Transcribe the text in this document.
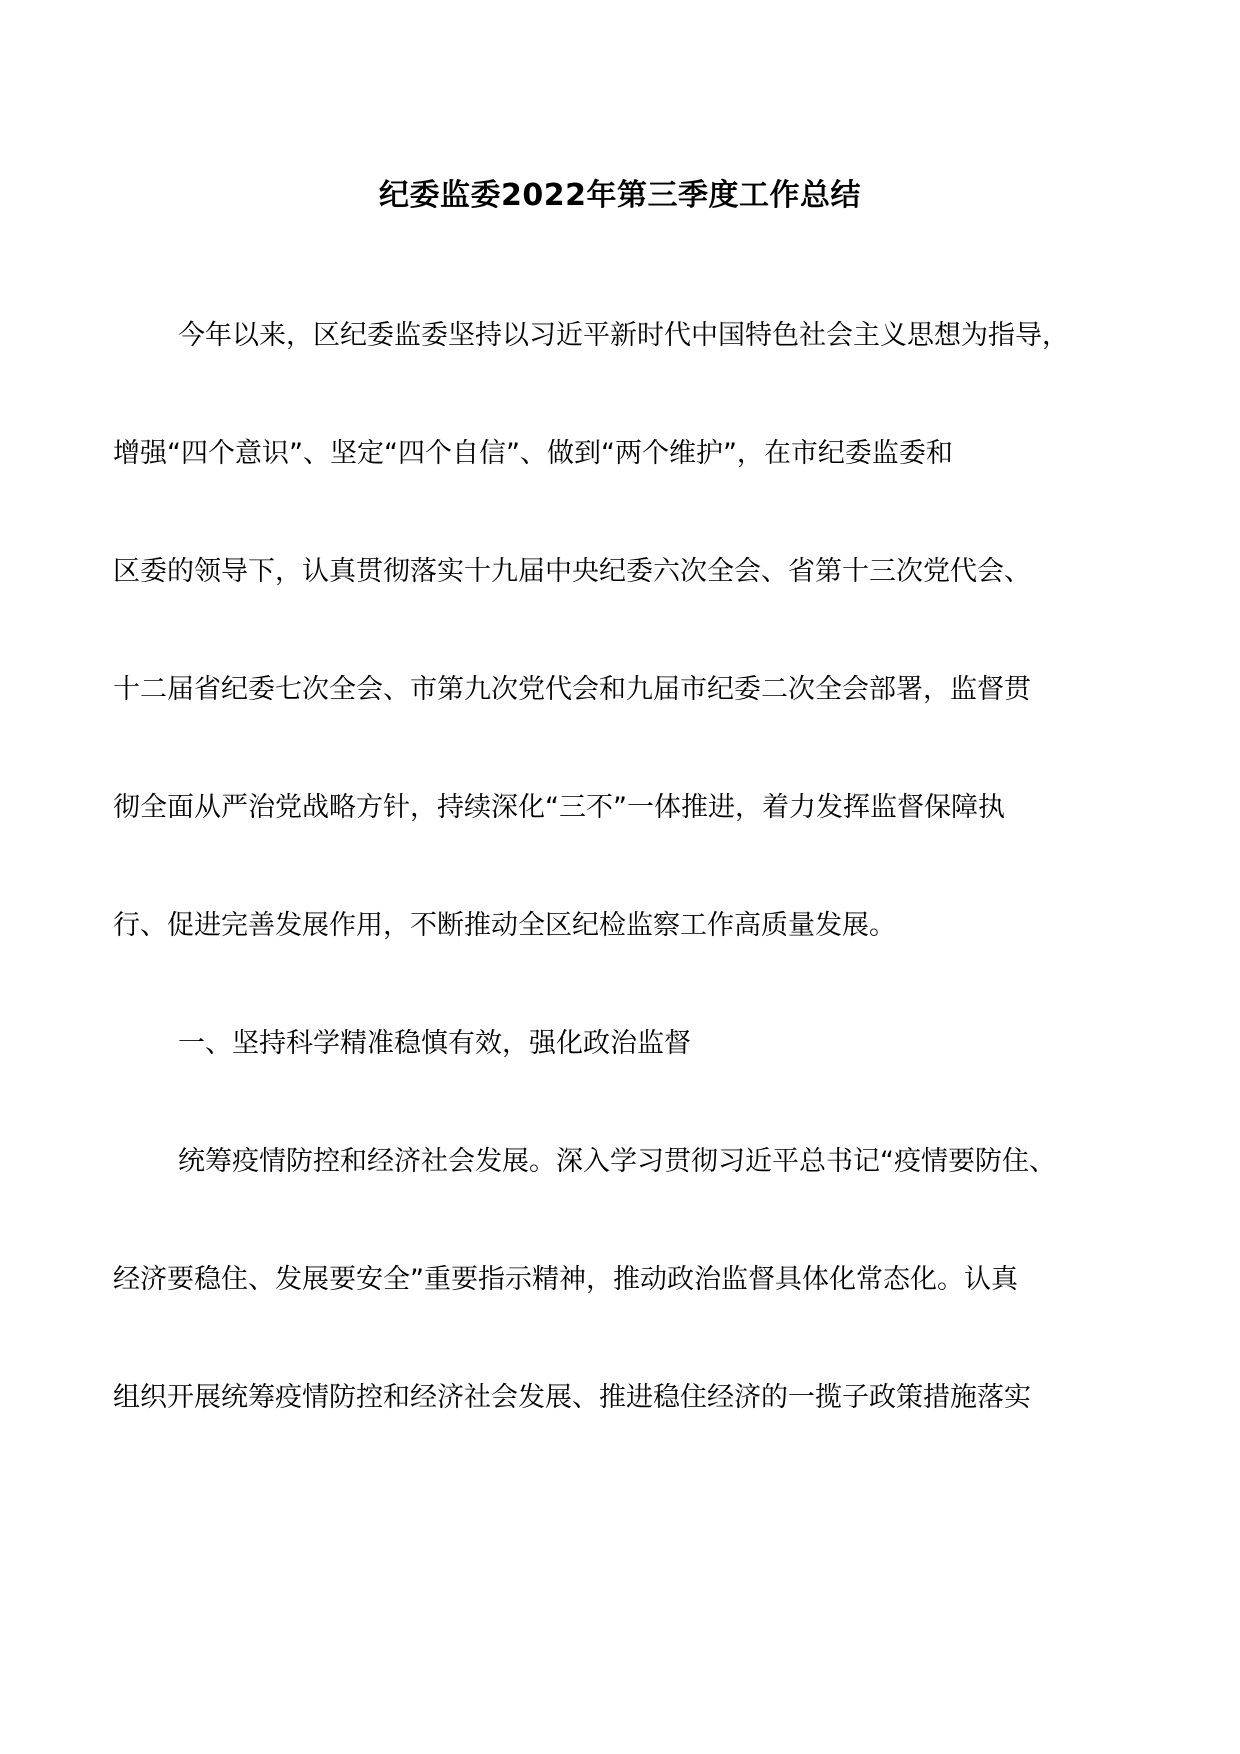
纪委监委2022年第三季度工作总结
今年以来，区纪委监委坚持以习近平新时代中国特色社会主义思想为指导，
增强“四个意识”、坚定“四个自信”、做到“两个维护”，在市纪委监委和
区委的领导下，认真贯彻落实十九届中央纪委六次全会、省第十三次党代会、
十二届省纪委七次全会、市第九次党代会和九届市纪委二次全会部署，监督贯
彻全面从严治党战略方针，持续深化“三不”一体推进，着力发挥监督保障执
行、促进完善发展作用，不断推动全区纪检监察工作高质量发展。
一、坚持科学精准稳慎有效，强化政治监督
统筹疫情防控和经济社会发展。深入学习贯彻习近平总书记“疫情要防住、
经济要稳住、发展要安全”重要指示精神，推动政治监督具体化常态化。认真
组织开展统筹疫情防控和经济社会发展、推进稳住经济的一揽子政策措施落实
